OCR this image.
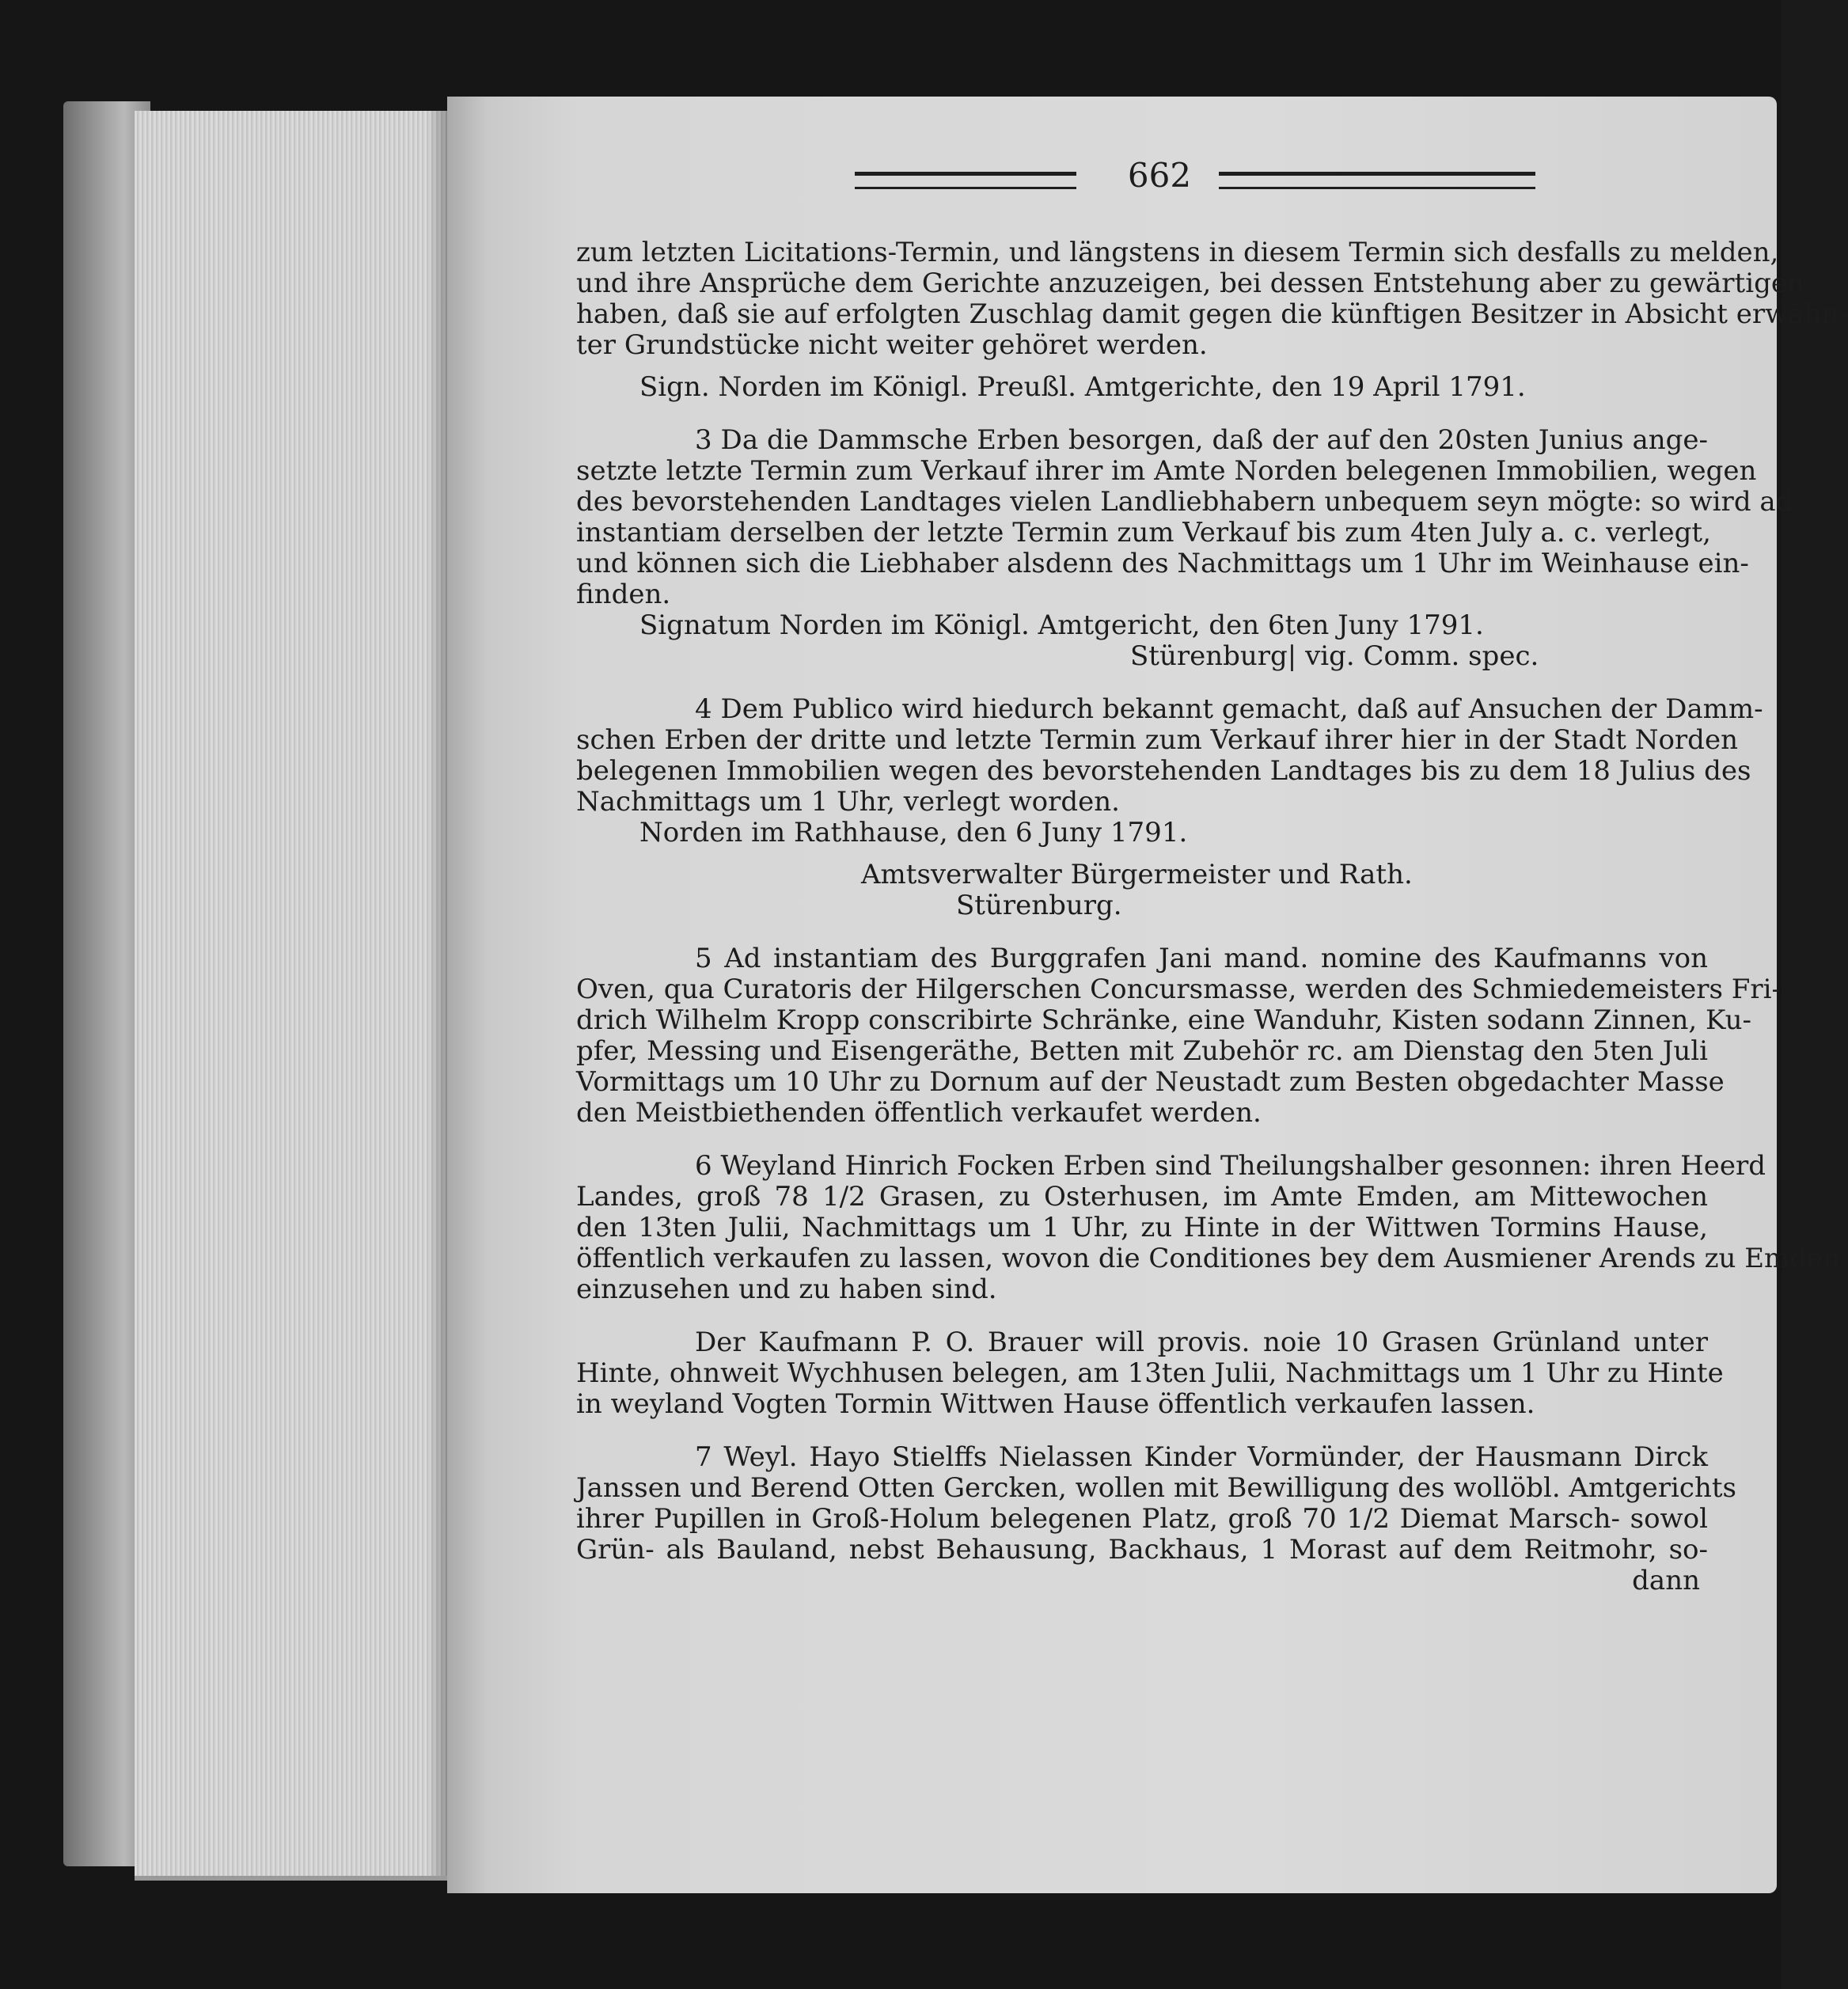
662
zum letzten Licitations-Termin, und längstens in diesem Termin sich desfalls zu melden,
und ihre Ansprüche dem Gerichte anzuzeigen, bei dessen Entstehung aber zu gewärtigen
haben, daß sie auf erfolgten Zuschlag damit gegen die künftigen Besitzer in Absicht erwähn-
ter Grundstücke nicht weiter gehöret werden.
Sign. Norden im Königl. Preußl. Amtgerichte, den 19 April 1791.
3 Da die Dammsche Erben besorgen, daß der auf den 20sten Junius ange-
setzte letzte Termin zum Verkauf ihrer im Amte Norden belegenen Immobilien, wegen
des bevorstehenden Landtages vielen Landliebhabern unbequem seyn mögte: so wird ad
instantiam derselben der letzte Termin zum Verkauf bis zum 4ten July a. c. verlegt,
und können sich die Liebhaber alsdenn des Nachmittags um 1 Uhr im Weinhause ein-
finden.
Signatum Norden im Königl. Amtgericht, den 6ten Juny 1791.
Stürenburg| vig. Comm. spec.
4 Dem Publico wird hiedurch bekannt gemacht, daß auf Ansuchen der Damm-
schen Erben der dritte und letzte Termin zum Verkauf ihrer hier in der Stadt Norden
belegenen Immobilien wegen des bevorstehenden Landtages bis zu dem 18 Julius des
Nachmittags um 1 Uhr, verlegt worden.
Norden im Rathhause, den 6 Juny 1791.
Amtsverwalter Bürgermeister und Rath.
Stürenburg.
5 Ad instantiam des Burggrafen Jani mand. nomine des Kaufmanns von
Oven, qua Curatoris der Hilgerschen Concursmasse, werden des Schmiedemeisters Fri-
drich Wilhelm Kropp conscribirte Schränke, eine Wanduhr, Kisten sodann Zinnen, Ku-
pfer, Messing und Eisengeräthe, Betten mit Zubehör rc. am Dienstag den 5ten Juli
Vormittags um 10 Uhr zu Dornum auf der Neustadt zum Besten obgedachter Masse
den Meistbiethenden öffentlich verkaufet werden.
6 Weyland Hinrich Focken Erben sind Theilungshalber gesonnen: ihren Heerd
Landes, groß 78 1/2 Grasen, zu Osterhusen, im Amte Emden, am Mittewochen
den 13ten Julii, Nachmittags um 1 Uhr, zu Hinte in der Wittwen Tormins Hause,
öffentlich verkaufen zu lassen, wovon die Conditiones bey dem Ausmiener Arends zu Emden
einzusehen und zu haben sind.
Der Kaufmann P. O. Brauer will provis. noie 10 Grasen Grünland unter
Hinte, ohnweit Wychhusen belegen, am 13ten Julii, Nachmittags um 1 Uhr zu Hinte
in weyland Vogten Tormin Wittwen Hause öffentlich verkaufen lassen.
7 Weyl. Hayo Stielffs Nielassen Kinder Vormünder, der Hausmann Dirck
Janssen und Berend Otten Gercken, wollen mit Bewilligung des wollöbl. Amtgerichts
ihrer Pupillen in Groß-Holum belegenen Platz, groß 70 1/2 Diemat Marsch- sowol
Grün- als Bauland, nebst Behausung, Backhaus, 1 Morast auf dem Reitmohr, so-
dann
